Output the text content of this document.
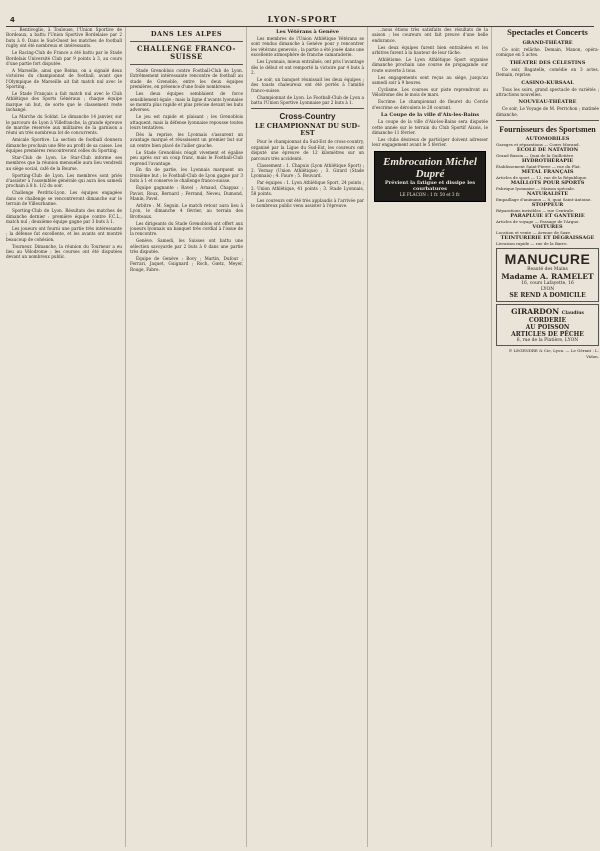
4	LYON-SPORT

… Bentivoglio, à Toulouse, l'Union Sportive de Bordeaux, a battu l'Union Sportive Bordelaise par 2 buts à 0. Dans le Sud-Ouest les matches de football rugby ont été nombreux et intéressants.

Le Racing-Club de France a été battu par le Stade Bordelais Université Club par 9 points à 3, au cours d'une partie fort disputée.

A Marseille, ainsi que Reims, on a signalé deux victoires du championnat de football, avant que l'Olympique de Marseille ait fait match nul avec le Sporting.

Le Stade Français a fait match nul avec le Club Athlétique des Sports Généraux ; chaque équipe marque un but, de sorte que le classement reste inchangé.

La Marche du Soldat. Le dimanche 14 janvier, sur le parcours de Lyon à Villefranche, la grande épreuve de marche réservée aux militaires de la garnison a réuni un très nombreux lot de concurrents.

Amicale Sportive. La section de football donnera dimanche prochain une fête au profit de sa caisse. Les équipes premières rencontreront celles du Sporting.

Star-Club de Lyon. Le Star-Club informe ses membres que la réunion mensuelle aura lieu vendredi au siège social, café de la Bourse.

Sporting-Club de Lyon. Les membres sont priés d'assister à l'assemblée générale qui aura lieu samedi prochain à 8 h. 1/2 du soir.

Challenge Perdrix-Lyon. Les équipes engagées dans ce challenge se rencontreront dimanche sur le terrain de Villeurbanne.

Sporting-Club de Lyon. Résultats des matches de dimanche dernier : première équipe contre F.C.L., match nul ; deuxième équipe gagne par 3 buts à 1.

Les joueurs ont fourni une partie très intéressante ; la défense fut excellente, et les avants ont montré beaucoup de cohésion.

Tourneur. Dimanche, la réunion du Tourneur a eu lieu au Vélodrome ; les courses ont été disputées devant un nombreux public.

DANS LES ALPES
CHALLENGE FRANCO-SUISSE

Stade Grenoblois contre Football-Club de Lyon. Extrêmement intéressante rencontre de football au stade de Grenoble, entre les deux équipes premières, en présence d'une foule nombreuse.

Les deux équipes semblaient de force sensiblement égale ; mais la ligne d'avants lyonnaise se montra plus rapide et plus précise devant les buts adverses.

Le jeu est rapide et plaisant ; les Grenoblois attaquent, mais la défense lyonnaise repousse toutes leurs tentatives.

Dès la reprise, les Lyonnais s'assurent un avantage marqué et réussissent un premier but sur un centre bien placé de l'ailier gauche.

Le Stade Grenoblois réagit vivement et égalise peu après sur un coup franc, mais le Football-Club reprend l'avantage.

En fin de partie, les Lyonnais marquent un troisième but ; le Football-Club de Lyon gagne par 3 buts à 1 et conserve le challenge franco-suisse.

Équipe gagnante : Ravel ; Arnaud, Chappaz ; Paviot, Roux, Bernard ; Ferrand, Neveu, Dumond, Manin, Pavel.

Arbitre : M. Seguin. Le match retour aura lieu à Lyon, le dimanche 4 février, au terrain des Brotteaux.

Les dirigeants du Stade Grenoblois ont offert aux joueurs lyonnais un banquet très cordial à l'issue de la rencontre.

Genève. Samedi, les Suisses ont battu une sélection savoyarde par 2 buts à 0 dans une partie très disputée.

Équipe de Genève : Bovy ; Martin, Dufour ; Ferrari, Jaquet, Guignard ; Roch, Gœtz, Meyer, Rouge, Fabre.

Les Vétérans à Genève

Les membres de l'Union Athlétique Vétérans se sont rendus dimanche à Genève pour y rencontrer les vétérans genevois ; la partie a été jouée dans une excellente atmosphère de franche camaraderie.

Les Lyonnais, mieux entraînés, ont pris l'avantage dès le début et ont remporté la victoire par 4 buts à 2.

Le soir, un banquet réunissait les deux équipes ; des toasts chaleureux ont été portés à l'amitié franco-suisse.

Championnat de Lyon. Le Football-Club de Lyon a battu l'Union Sportive Lyonnaise par 2 buts à 1.

Cross-Country
LE CHAMPIONNAT DU SUD-EST

Pour le championnat du Sud-Est de cross-country, organisé par la Ligue du Sud-Est, les coureurs ont disputé une épreuve de 12 kilomètres sur un parcours très accidenté.

Classement : 1. Chapuis (Lyon Athlétique Sport) ; 2. Vernay (Union Athlétique) ; 3. Girard (Stade Lyonnais) ; 4. Faure ; 5. Bouvard.

Par équipes : 1. Lyon Athlétique Sport, 24 points ; 2. Union Athlétique, 41 points ; 3. Stade Lyonnais, 58 points.

Les coureurs ont été très applaudis à l'arrivée par le nombreux public venu assister à l'épreuve.

…nous étions très satisfaits des résultats de la saison ; les coureurs ont fait preuve d'une belle endurance.

Les deux équipes furent bien entraînées et les arbitres furent à la hauteur de leur tâche.

Athlétisme. Le Lyon Athlétique Sport organise dimanche prochain une course de propagande sur route ouverte à tous.

Les engagements sont reçus au siège, jusqu'au samedi soir à 9 heures.

Cyclisme. Les courses sur piste reprendront au Vélodrome dès le mois de mars.

Escrime. Le championnat de fleuret du Cercle d'escrime se déroulera le 28 courant.

La Coupe de la ville d'Aix-les-Bains

La coupe de la ville d'Aix-les-Bains sera disputée cette année sur le terrain du Club Sportif Aixois, le dimanche 11 février.

Les clubs désireux de participer doivent adresser leur engagement avant le 5 février.

Embrocation Michel Dupré
Prévient la fatigue et dissipe les courbatures
LE FLACON : 1 fr. 50 et 3 fr.
Spectacles et Concerts
GRAND-THÉATRE

Ce soir, relâche. Demain, Manon, opéra-comique en 5 actes.

THÉATRE DES CÉLESTINS

Ce soir, Bagatelle, comédie en 3 actes. Demain, reprise.

CASINO-KURSAAL

Tous les soirs, grand spectacle de variétés ; attractions nouvelles.

NOUVEAU-THÉATRE

Ce soir, Le Voyage de M. Perrichon ; matinée dimanche.

Fournisseurs des Sportsmen
AUTOMOBILES
Garages et réparations — Cours Morand.
ÉCOLE DE NATATION
Grand Bassin — Quai de la Guillotière.
HYDROTHÉRAPIE
Établissement Saint-Pierre — rue du Plat.
MÉTAL FRANÇAIS
Articles de sport — 12, rue de la République.
MAILLOTS POUR SPORTS
Fabrique lyonnaise — Maison spéciale.
NATURALISTE
Empaillage d'animaux — 8, quai Saint-Antoine.
STOPPEUR
Réparations invisibles — rue Centrale.
PARAPLUIE ET GANTERIE
Articles de voyage — Passage de l'Argue.
VOITURES
Location et vente — Avenue de Saxe.
TEINTURERIE ET DÉGRAISSAGE
Livraison rapide — rue de la Barre.
MANUCURE
Beauté des Mains
Madame A. RAMELET
16, cours Lafayette, 16
LYON
SE REND A DOMICILE
GIRARDON Claudius
CORDERIE
AU POISSON
ARTICLES DE PÊCHE
6, rue de la Platière, LYON
P. LEGENDRE & Cie, Lyon. — Le Gérant : L. Vidon.
